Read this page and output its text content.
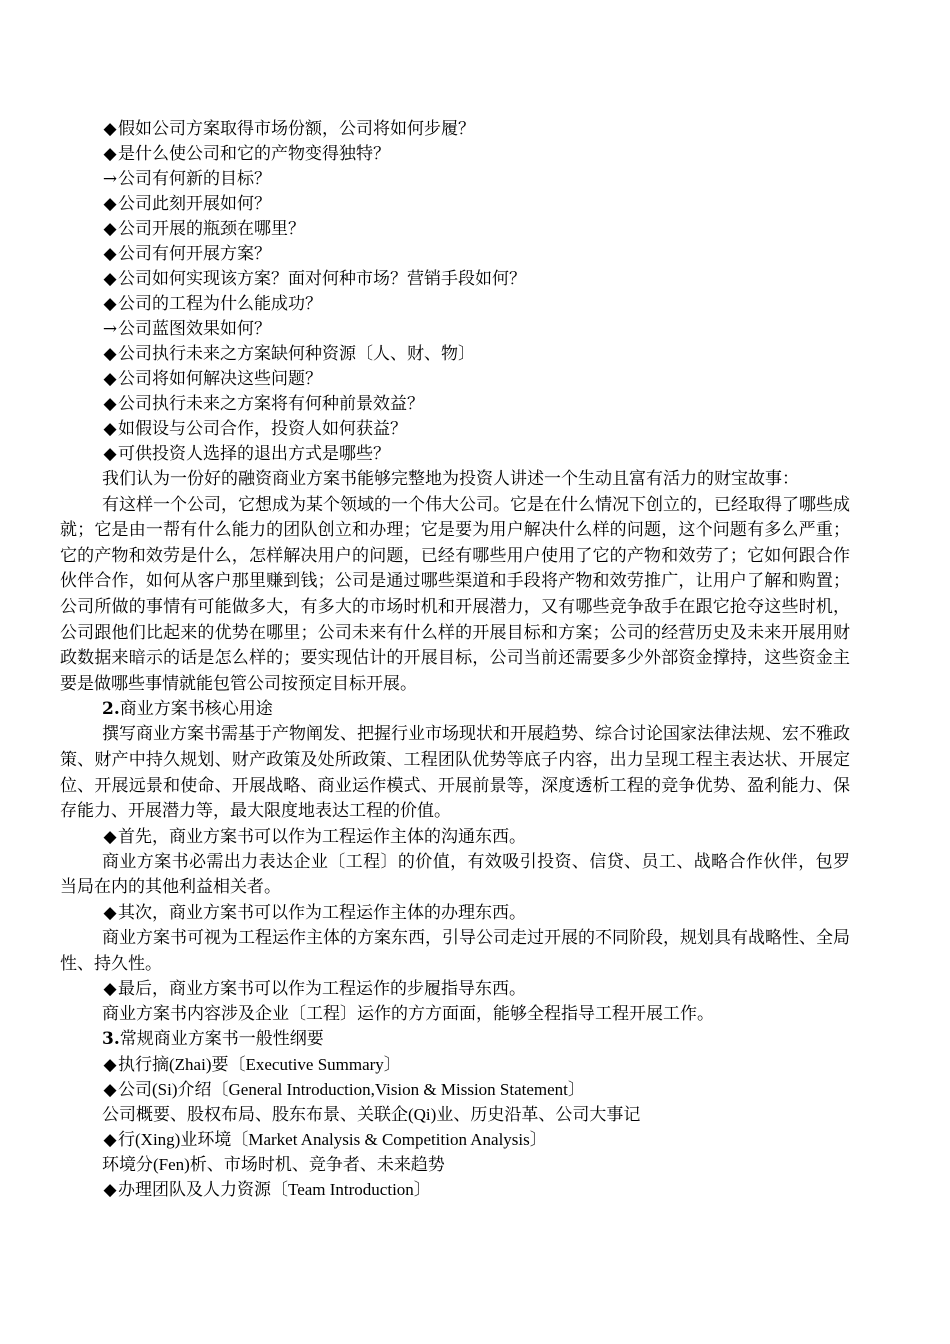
◆假如公司方案取得市场份额，公司将如何步履？
◆是什么使公司和它的产物变得独特？
→公司有何新的目标？
◆公司此刻开展如何？
◆公司开展的瓶颈在哪里？
◆公司有何开展方案？
◆公司如何实现该方案？面对何种市场？营销手段如何？
◆公司的工程为什么能成功？
→公司蓝图效果如何？
◆公司执行未来之方案缺何种资源〔人、财、物〕
◆公司将如何解决这些问题？
◆公司执行未来之方案将有何种前景效益？
◆如假设与公司合作，投资人如何获益？
◆可供投资人选择的退出方式是哪些？

我们认为一份好的融资商业方案书能够完整地为投资人讲述一个生动且富有活力的财宝故事：

有这样一个公司，它想成为某个领域的一个伟大公司。它是在什么情况下创立的，已经取得了哪些成就；它是由一帮有什么能力的团队创立和办理；它是要为用户解决什么样的问题，这个问题有多么严重；它的产物和效劳是什么，怎样解决用户的问题，已经有哪些用户使用了它的产物和效劳了；它如何跟合作伙伴合作，如何从客户那里赚到钱；公司是通过哪些渠道和手段将产物和效劳推广，让用户了解和购置；公司所做的事情有可能做多大，有多大的市场时机和开展潜力，又有哪些竞争敌手在跟它抢夺这些时机，公司跟他们比起来的优势在哪里；公司未来有什么样的开展目标和方案；公司的经营历史及未来开展用财政数据来暗示的话是怎么样的；要实现估计的开展目标，公司当前还需要多少外部资金撑持，这些资金主要是做哪些事情就能包管公司按预定目标开展。

2.商业方案书核心用途

撰写商业方案书需基于产物阐发、把握行业市场现状和开展趋势、综合讨论国家法律法规、宏不雅政策、财产中持久规划、财产政策及处所政策、工程团队优势等底子内容，出力呈现工程主表达状、开展定位、开展远景和使命、开展战略、商业运作模式、开展前景等，深度透析工程的竞争优势、盈利能力、保存能力、开展潜力等，最大限度地表达工程的价值。

◆首先，商业方案书可以作为工程运作主体的沟通东西。

商业方案书必需出力表达企业〔工程〕的价值，有效吸引投资、信贷、员工、战略合作伙伴，包罗 当局在内的其他利益相关者。

◆其次，商业方案书可以作为工程运作主体的办理东西。

商业方案书可视为工程运作主体的方案东西，引导公司走过开展的不同阶段，规划具有战略性、全局性、持久性。

◆最后，商业方案书可以作为工程运作的步履指导东西。
商业方案书内容涉及企业〔工程〕运作的方方面面，能够全程指导工程开展工作。
3.常规商业方案书一般性纲要
◆执行摘(Zhai)要〔Executive Summary〕
◆公司(Si)介绍〔General Introduction,Vision & Mission Statement〕
公司概要、股权布局、股东布景、关联企(Qi)业、历史沿革、公司大事记
◆行(Xing)业环境〔Market Analysis & Competition Analysis〕
环境分(Fen)析、市场时机、竞争者、未来趋势
◆办理团队及人力资源〔Team Introduction〕
